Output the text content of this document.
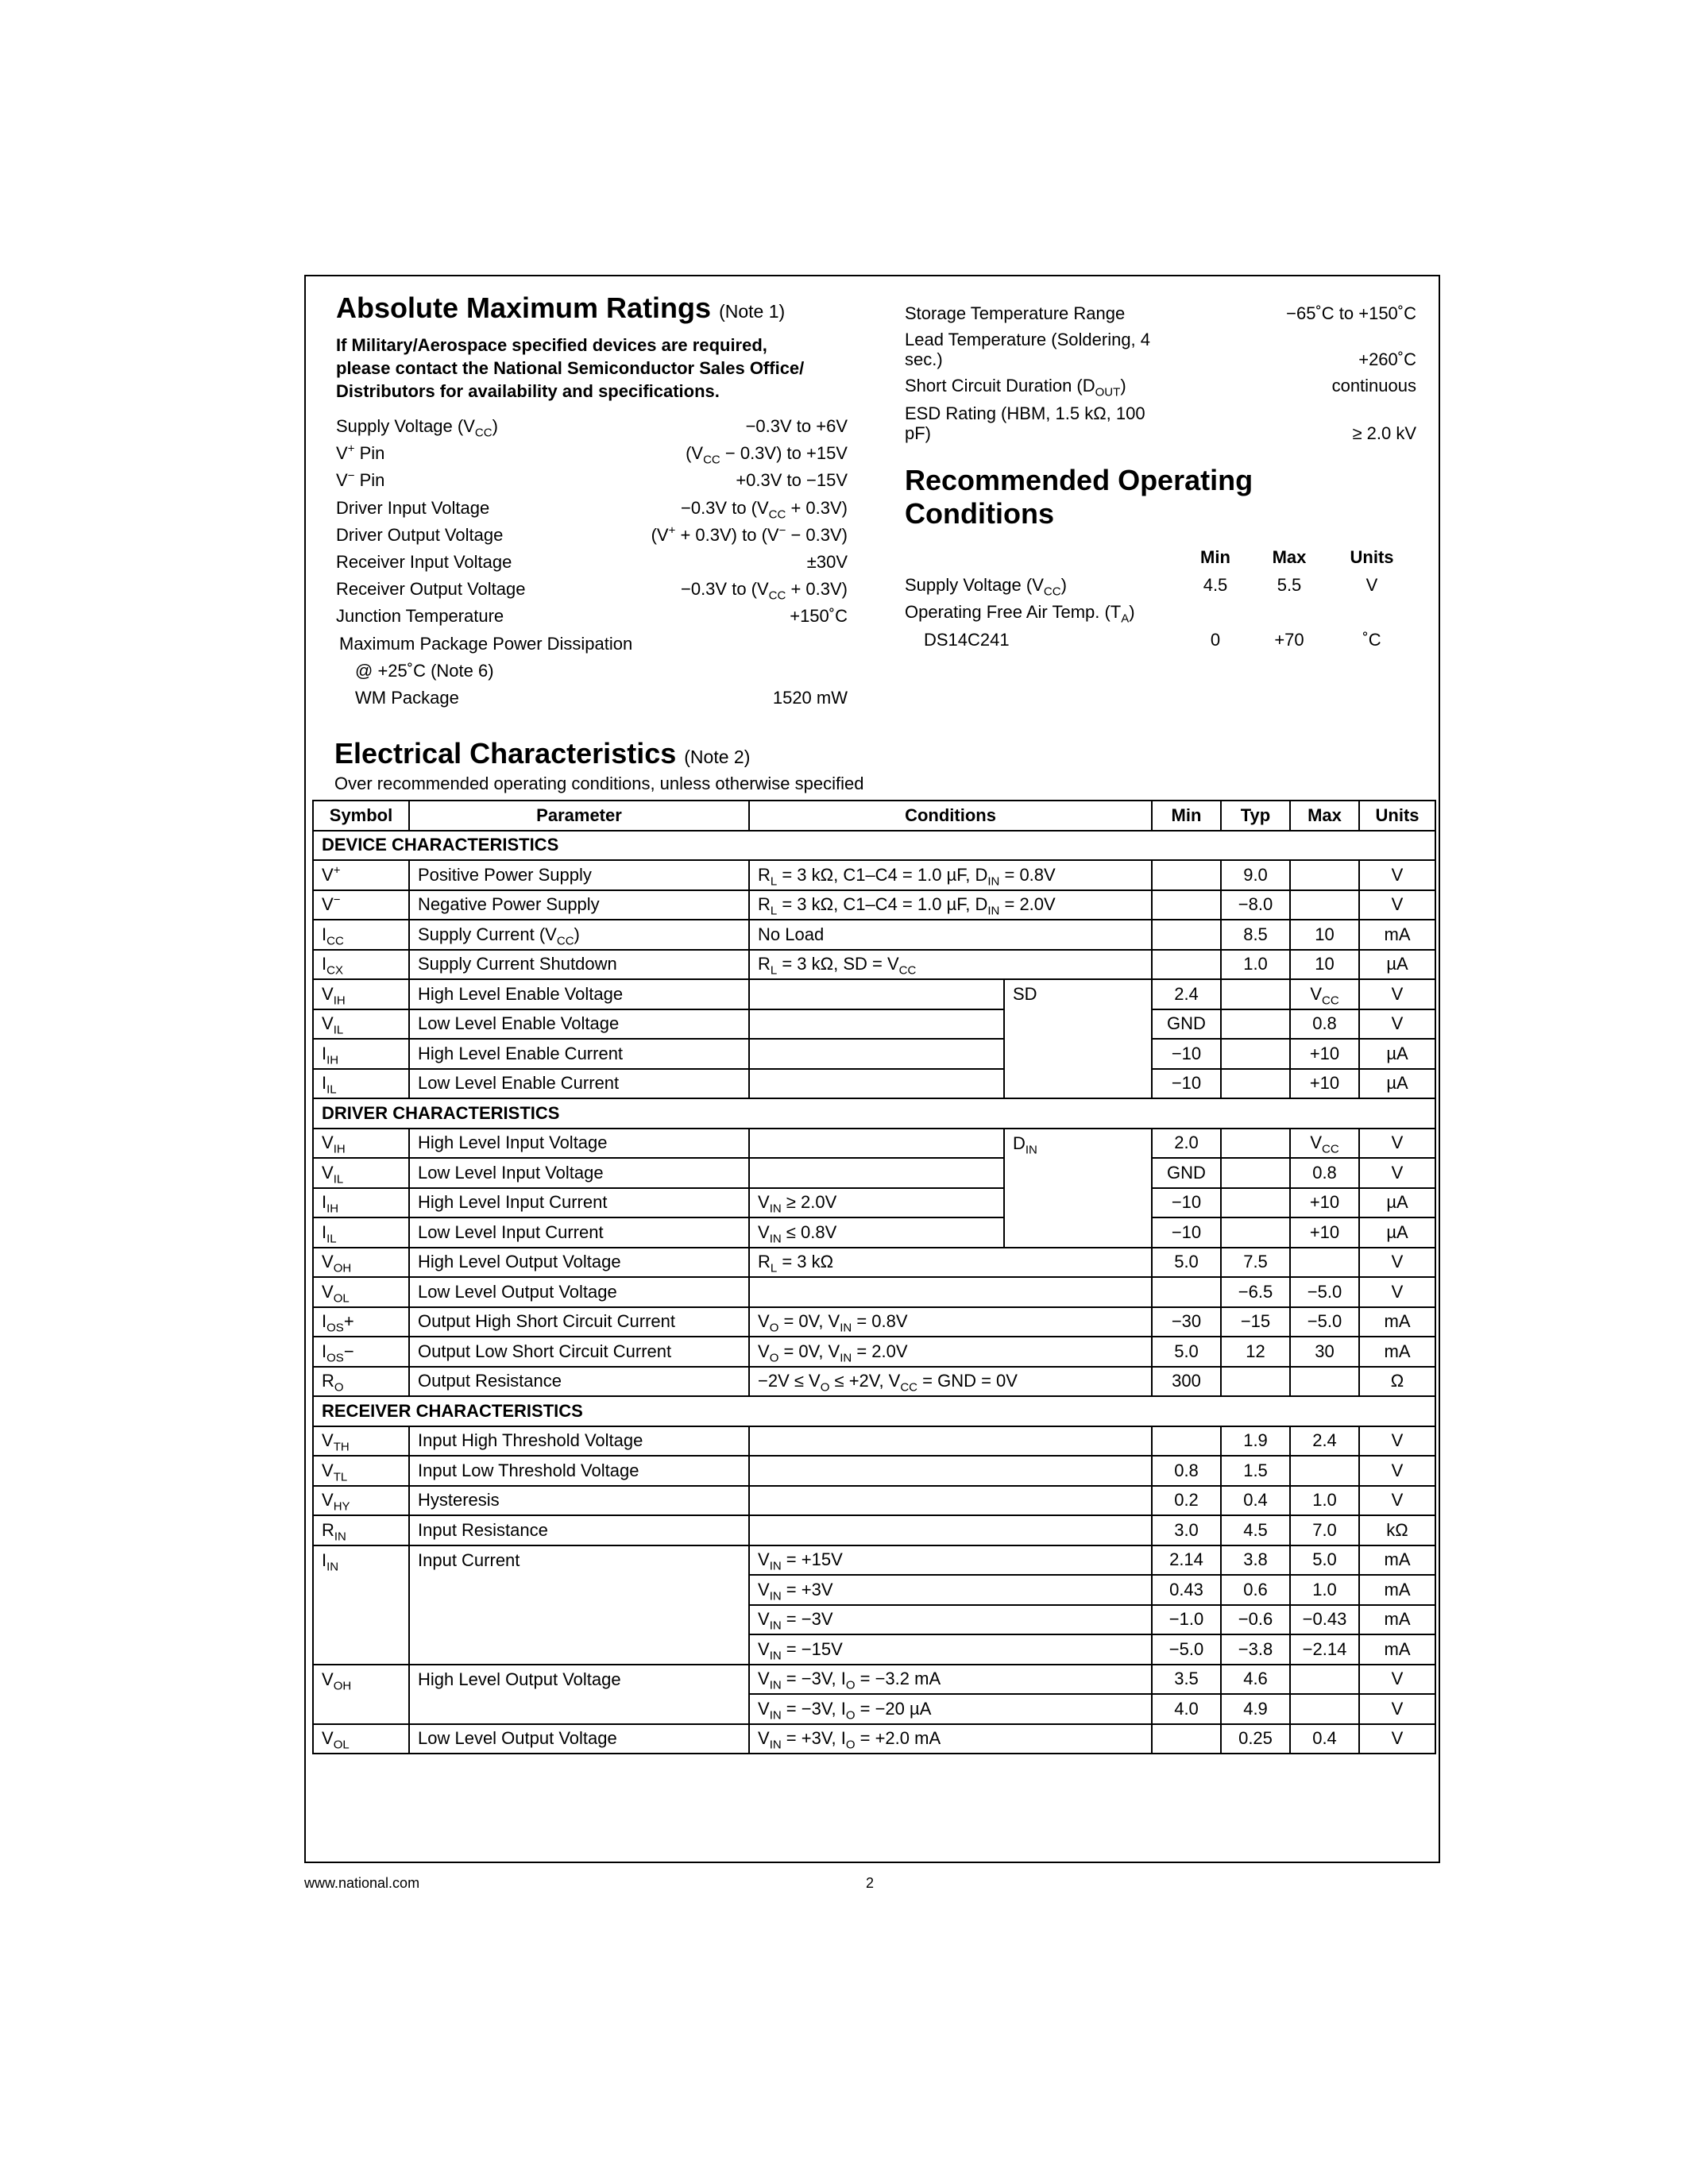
Absolute Maximum Ratings (Note 1)
If Military/Aerospace specified devices are required,
please contact the National Semiconductor Sales Office/
Distributors for availability and specifications.
Supply Voltage $(V_{CC})$	−0.3V to +6V
V+ Pin	$(V_{CC} - 0.3V)$ to +15V
V− Pin	+0.3V to −15V
Driver Input Voltage	−0.3V to $(V_{CC} + 0.3V)$
Driver Output Voltage	(V+ + 0.3V) to (V− − 0.3V)
Receiver Input Voltage	±30V
Receiver Output Voltage	−0.3V to $(V_{CC} + 0.3V)$
Junction Temperature	+150˚C
Maximum Package Power Dissipation
@ +25˚C (Note 6)
WM Package	1520 mW
Storage Temperature Range	−65˚C to +150˚C
Lead Temperature (Soldering, 4
sec.)	+260˚C
Short Circuit Duration $(D_{OUT})$	continuous
ESD Rating (HBM, 1.5 kΩ, 100
pF)	≥ 2.0 kV
Recommended Operating
Conditions
Min	Max	Units
Supply Voltage $(V_{CC})$	4.5	5.5	V
Operating Free Air Temp. $(T_A)$
DS14C241	0	+70	˚C
Electrical Characteristics (Note 2)
Over recommended operating conditions, unless otherwise specified
Symbol	Parameter	Conditions		Min	Typ	Max	Units
DEVICE CHARACTERISTICS							
V+	Positive Power Supply	$R_L = 3$ kΩ, C1–C4 = 1.0 µF, $D_{IN} = 0.8V$			9.0		V
V−	Negative Power Supply	$R_L = 3$ kΩ, C1–C4 = 1.0 µF, $D_{IN} = 2.0V$			−8.0		V
$I_{CC}$	Supply Current $(V_{CC})$	No Load			8.5	10	mA
$I_{CX}$	Supply Current Shutdown	$R_L = 3$ kΩ, SD = $V_{CC}$			1.0	10	µA
$V_{IH}$	High Level Enable Voltage		SD	2.4		$V_{CC}$	V
$V_{IL}$	Low Level Enable Voltage			GND		0.8	V
$I_{IH}$	High Level Enable Current			−10		+10	µA
$I_{IL}$	Low Level Enable Current			−10		+10	µA
DRIVER CHARACTERISTICS							
$V_{IH}$	High Level Input Voltage		$D_{IN}$	2.0		$V_{CC}$	V
$V_{IL}$	Low Level Input Voltage			GND		0.8	V
$I_{IH}$	High Level Input Current	$V_{IN} \ge 2.0V$		−10		+10	µA
$I_{IL}$	Low Level Input Current	$V_{IN} \le 0.8V$		−10		+10	µA
$V_{OH}$	High Level Output Voltage	$R_L = 3$ kΩ		5.0	7.5		V
$V_{OL}$	Low Level Output Voltage				−6.5	−5.0	V
$I_{OS}+$	Output High Short Circuit Current	$V_O = 0V$, $V_{IN} = 0.8V$		−30	−15	−5.0	mA
$I_{OS}-$	Output Low Short Circuit Current	$V_O = 0V$, $V_{IN} = 2.0V$		5.0	12	30	mA
$R_O$	Output Resistance	$-2V \le V_O \le +2V$, $V_{CC}$ = GND = 0V		300			Ω
RECEIVER CHARACTERISTICS							
$V_{TH}$	Input High Threshold Voltage				1.9	2.4	V
$V_{TL}$	Input Low Threshold Voltage			0.8	1.5		V
$V_{HY}$	Hysteresis			0.2	0.4	1.0	V
$R_{IN}$	Input Resistance			3.0	4.5	7.0	kΩ
$I_{IN}$	Input Current	$V_{IN} = +15V$		2.14	3.8	5.0	mA
		$V_{IN} = +3V$		0.43	0.6	1.0	mA
		$V_{IN} = -3V$		−1.0	−0.6	−0.43	mA
		$V_{IN} = -15V$		−5.0	−3.8	−2.14	mA
$V_{OH}$	High Level Output Voltage	$V_{IN} = -3V$, $I_O = -3.2$ mA		3.5	4.6		V
		$V_{IN} = -3V$, $I_O = -20$ µA		4.0	4.9		V
$V_{OL}$	Low Level Output Voltage	$V_{IN} = +3V$, $I_O = +2.0$ mA			0.25	0.4	V
www.national.com	2
